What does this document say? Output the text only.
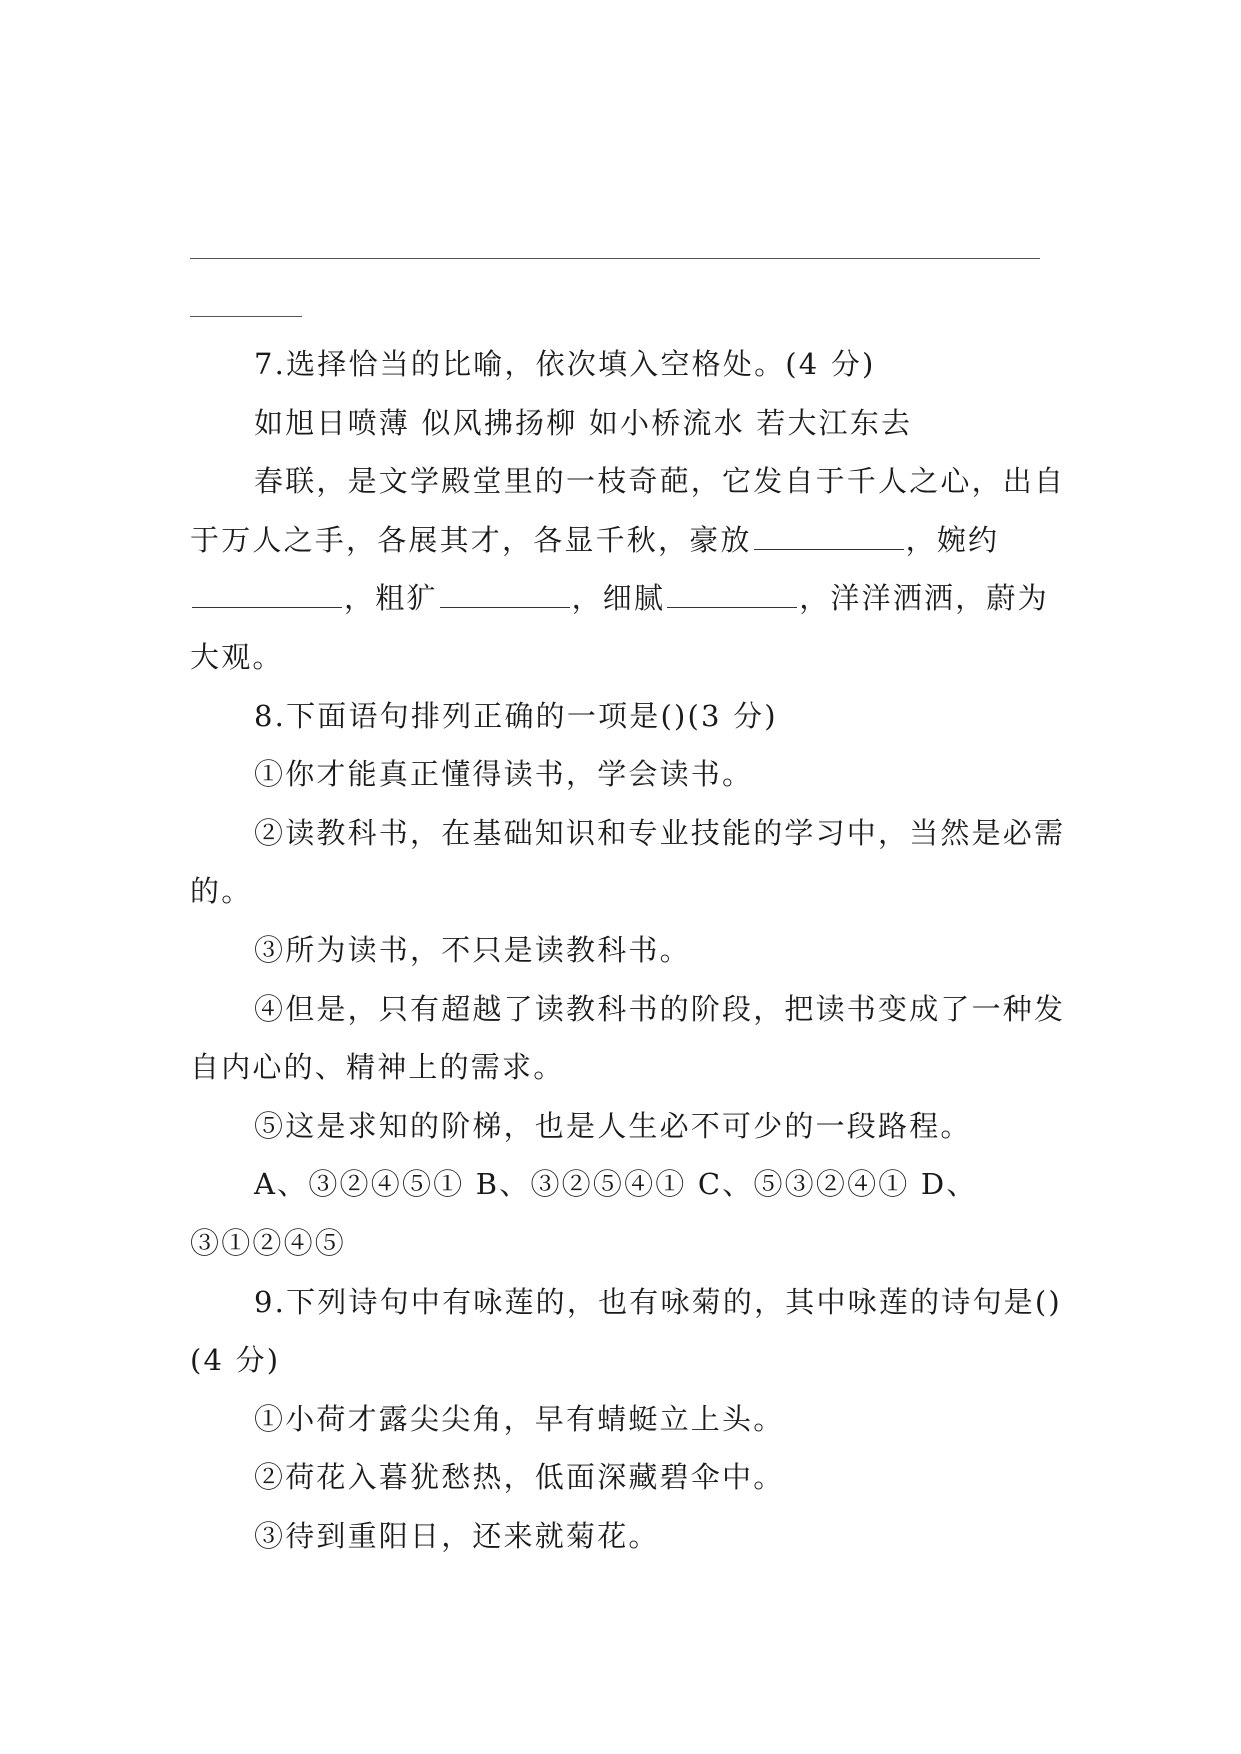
7.选择恰当的比喻，依次填入空格处。(4 分)

如旭日喷薄 似风拂扬柳 如小桥流水 若大江东去

春联，是文学殿堂里的一枝奇葩，它发自于千人之心，出自于万人之手，各展其才，各显千秋，豪放	，婉约，粗犷	，细腻	，洋洋洒洒，蔚为大观。

8.下面语句排列正确的一项是()(3 分)

①你才能真正懂得读书，学会读书。

②读教科书，在基础知识和专业技能的学习中，当然是必需的。

③所为读书，不只是读教科书。

④但是，只有超越了读教科书的阶段，把读书变成了一种发自内心的、精神上的需求。

⑤这是求知的阶梯，也是人生必不可少的一段路程。

A、③②④⑤① B、③②⑤④① C、⑤③②④① D、③①②④⑤

9.下列诗句中有咏莲的，也有咏菊的，其中咏莲的诗句是()(4 分)

①小荷才露尖尖角，早有蜻蜓立上头。

②荷花入暮犹愁热，低面深藏碧伞中。

③待到重阳日，还来就菊花。
